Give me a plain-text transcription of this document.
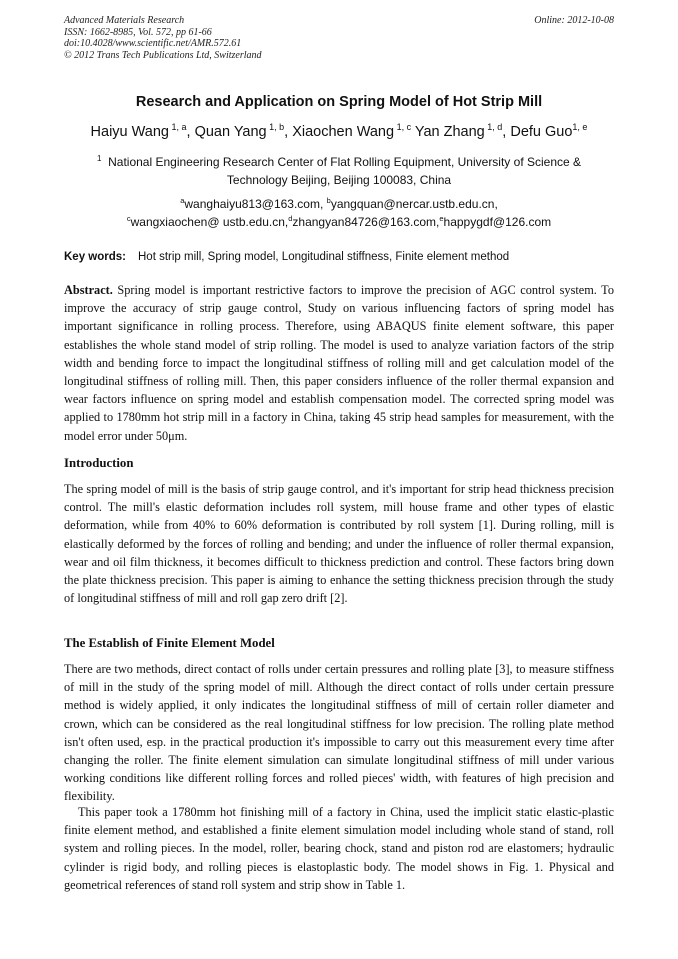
Advanced Materials Research
ISSN: 1662-8985, Vol. 572, pp 61-66
doi:10.4028/www.scientific.net/AMR.572.61
© 2012 Trans Tech Publications Ltd, Switzerland
Online: 2012-10-08
Research and Application on Spring Model of Hot Strip Mill
Haiyu Wang $^{1, a}$, Quan Yang $^{1, b}$, Xiaochen Wang $^{1, c}$ Yan Zhang $^{1, d}$, Defu Guo$^{1, e}$
$^1$ National Engineering Research Center of Flat Rolling Equipment, University of Science &
Technology Beijing, Beijing 100083, China
$^a$wanghaiyu813@163.com, $^b$yangquan@nercar.ustb.edu.cn,
$^c$wangxiaochen@ ustb.edu.cn,$^d$zhangyan84726@163.com,$^e$happygdf@126.com
Key words: Hot strip mill, Spring model, Longitudinal stiffness, Finite element method
Abstract. Spring model is important restrictive factors to improve the precision of AGC control system. To improve the accuracy of strip gauge control, Study on various influencing factors of spring model has important significance in rolling process. Therefore, using ABAQUS finite element software, this paper establishes the whole stand model of strip rolling. The model is used to analyze variation factors of the strip width and bending force to impact the longitudinal stiffness of rolling mill and get calculation model of the longitudinal stiffness of rolling mill. Then, this paper considers influence of the roller thermal expansion and wear factors influence on spring model and establish compensation model. The corrected spring model was applied to 1780mm hot strip mill in a factory in China, taking 45 strip head samples for measurement, with the model error under 50μm.
Introduction
The spring model of mill is the basis of strip gauge control, and it's important for strip head thickness precision control. The mill's elastic deformation includes roll system, mill house frame and other types of elastic deformation, while from 40% to 60% deformation is contributed by roll system [1]. During rolling, mill is elastically deformed by the forces of rolling and bending; and under the influence of roller thermal expansion, wear and oil film thickness, it becomes difficult to thickness prediction and control. These factors bring down the plate thickness precision. This paper is aiming to enhance the setting thickness precision through the study of longitudinal stiffness of mill and roll gap zero drift [2].
The Establish of Finite Element Model
There are two methods, direct contact of rolls under certain pressures and rolling plate [3], to measure stiffness of mill in the study of the spring model of mill. Although the direct contact of rolls under certain pressure method is widely applied, it only indicates the longitudinal stiffness of mill of certain roller diameter and crown, which can be considered as the real longitudinal stiffness for low precision. The rolling plate method isn't often used, esp. in the practical production it's impossible to carry out this measurement every time after changing the roller. The finite element simulation can simulate longitudinal stiffness of mill under various working conditions like different rolling forces and rolled pieces' width, with features of high precision and flexibility.
This paper took a 1780mm hot finishing mill of a factory in China, used the implicit static elastic-plastic finite element method, and established a finite element simulation model including whole stand of stand, roll system and rolling pieces. In the model, roller, bearing chock, stand and piston rod are elastomers; hydraulic cylinder is rigid body, and rolling pieces is elastoplastic body. The model shows in Fig. 1. Physical and geometrical references of stand roll system and strip show in Table 1.
